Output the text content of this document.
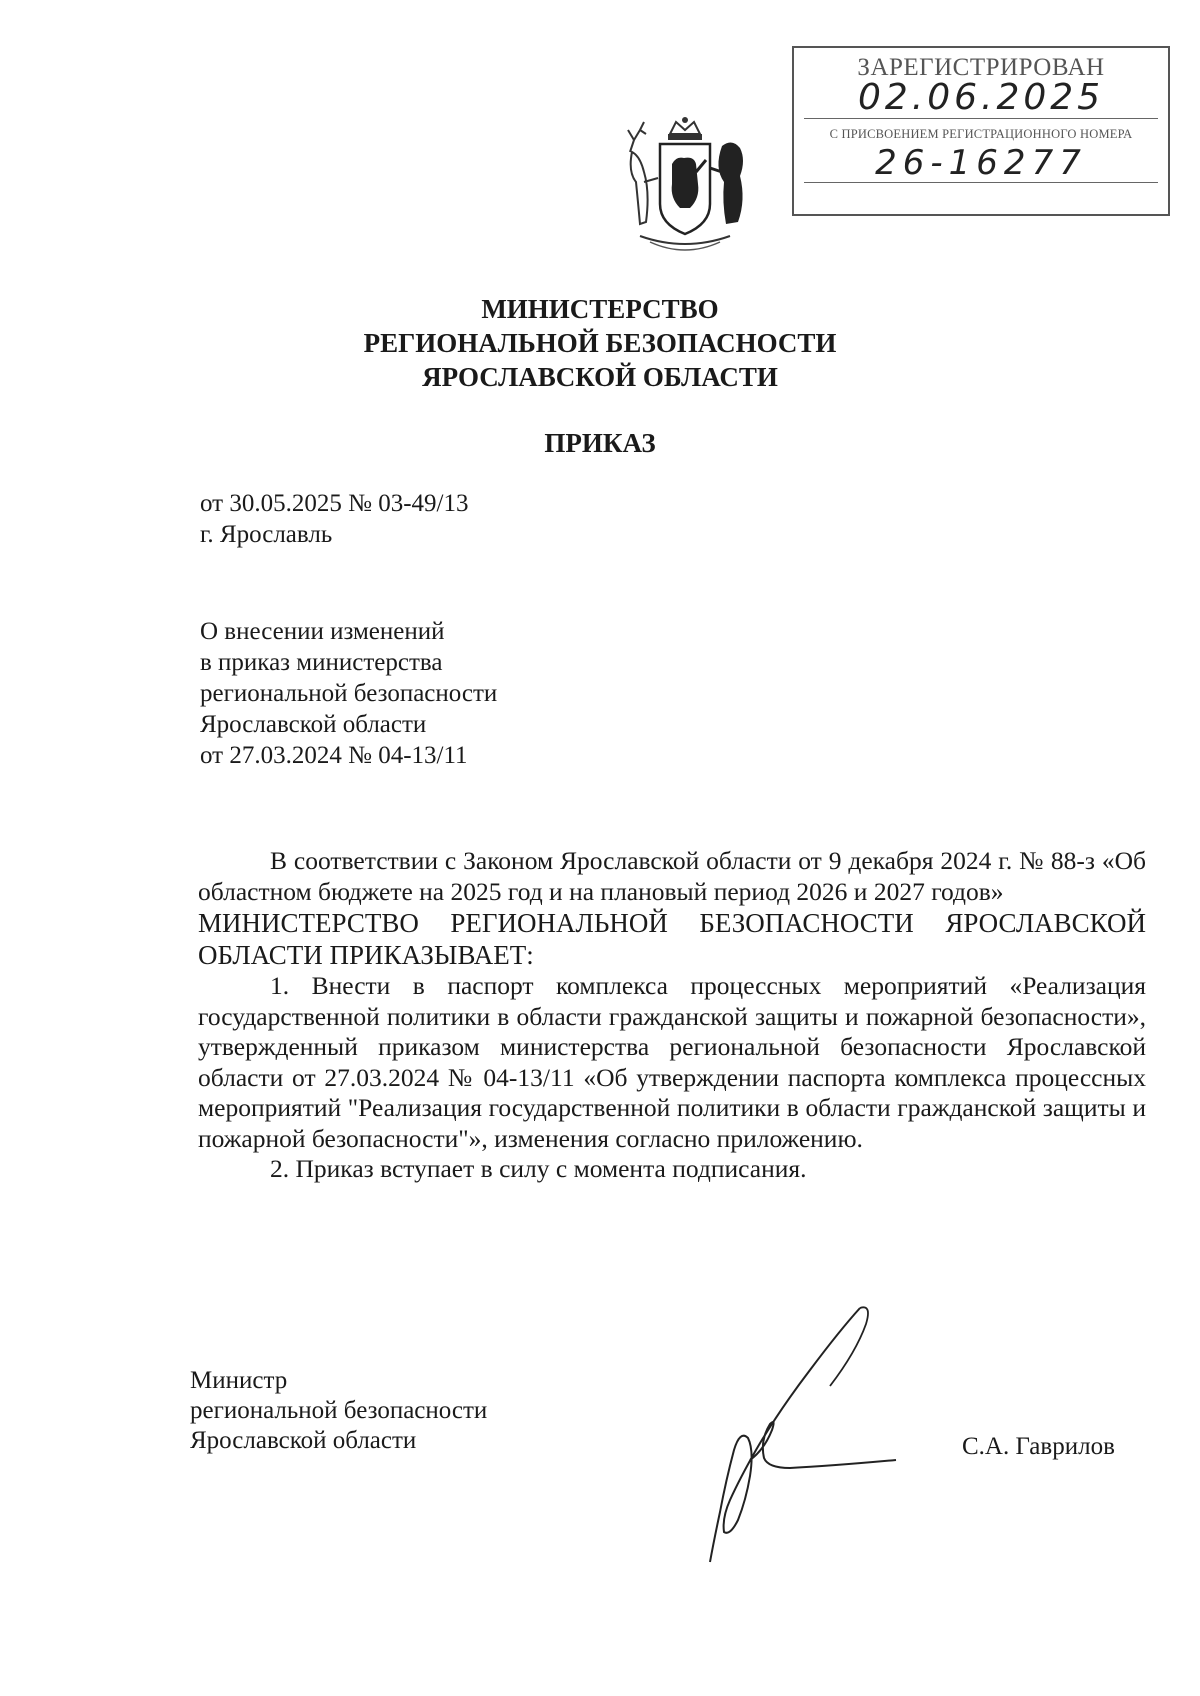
ЗАРЕГИСТРИРОВАН
02.06.2025
С ПРИСВОЕНИЕМ РЕГИСТРАЦИОННОГО НОМЕРА
26-16277
МИНИСТЕРСТВО
РЕГИОНАЛЬНОЙ БЕЗОПАСНОСТИ
ЯРОСЛАВСКОЙ ОБЛАСТИ
ПРИКАЗ
от 30.05.2025 № 03-49/13
г. Ярославль
О внесении изменений
в приказ министерства
региональной безопасности
Ярославской области
от 27.03.2024 № 04-13/11

В соответствии с Законом Ярославской области от 9 декабря 2024 г. № 88-з «Об областном бюджете на 2025 год и на плановый период 2026 и 2027 годов»

МИНИСТЕРСТВО РЕГИОНАЛЬНОЙ БЕЗОПАСНОСТИ ЯРОСЛАВСКОЙ ОБЛАСТИ ПРИКАЗЫВАЕТ:

1. Внести в паспорт комплекса процессных мероприятий «Реализация государственной политики в области гражданской защиты и пожарной безопасности», утвержденный приказом министерства региональной безопасности Ярославской области от 27.03.2024 № 04-13/11 «Об утверждении паспорта комплекса процессных мероприятий "Реализация государственной политики в области гражданской защиты и пожарной безопасности"», изменения согласно приложению.

2. Приказ вступает в силу с момента подписания.

Министр
региональной безопасности
Ярославской области	С.А. Гаврилов
